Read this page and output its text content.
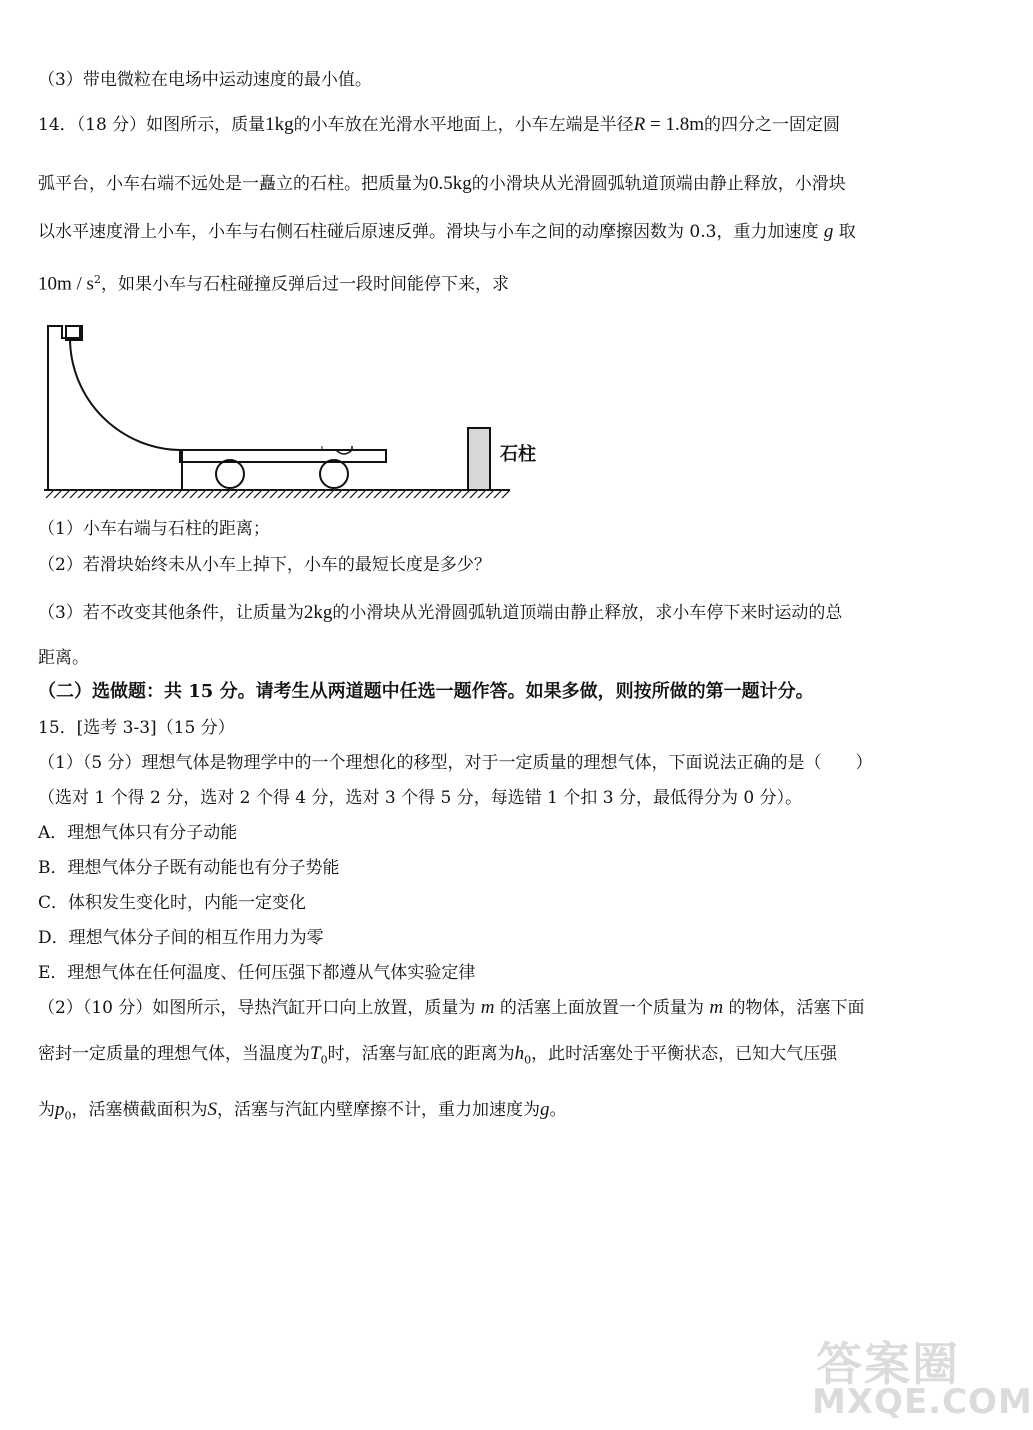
（3）带电微粒在电场中运动速度的最小值。
14．（18 分）如图所示，质量1kg的小车放在光滑水平地面上，小车左端是半径R = 1.8m的四分之一固定圆
弧平台，小车右端不远处是一矗立的石柱。把质量为0.5kg的小滑块从光滑圆弧轨道顶端由静止释放，小滑块
以水平速度滑上小车，小车与右侧石柱碰后原速反弹。滑块与小车之间的动摩擦因数为 0.3，重力加速度 g 取
$10m / s^2$，如果小车与石柱碰撞反弹后过一段时间能停下来，求
石柱
（1）小车右端与石柱的距离；
（2）若滑块始终未从小车上掉下，小车的最短长度是多少？
（3）若不改变其他条件，让质量为2kg的小滑块从光滑圆弧轨道顶端由静止释放，求小车停下来时运动的总
距离。
（二）选做题：共 15 分。请考生从两道题中任选一题作答。如果多做，则按所做的第一题计分。
15．[选考 3-3]（15 分）
（1）（5 分）理想气体是物理学中的一个理想化的移型，对于一定质量的理想气体，下面说法正确的是（　　）
（选对 1 个得 2 分，选对 2 个得 4 分，选对 3 个得 5 分，每选错 1 个扣 3 分，最低得分为 0 分）。
A．理想气体只有分子动能
B．理想气体分子既有动能也有分子势能
C．体积发生变化时，内能一定变化
D．理想气体分子间的相互作用力为零
E．理想气体在任何温度、任何压强下都遵从气体实验定律
（2）（10 分）如图所示，导热汽缸开口向上放置，质量为 m 的活塞上面放置一个质量为 m 的物体，活塞下面
密封一定质量的理想气体，当温度为$T_0$时，活塞与缸底的距离为$h_0$，此时活塞处于平衡状态，已知大气压强
为$p_0$，活塞横截面积为S，活塞与汽缸内壁摩擦不计，重力加速度为g。
答案圈
MXQE.COM
